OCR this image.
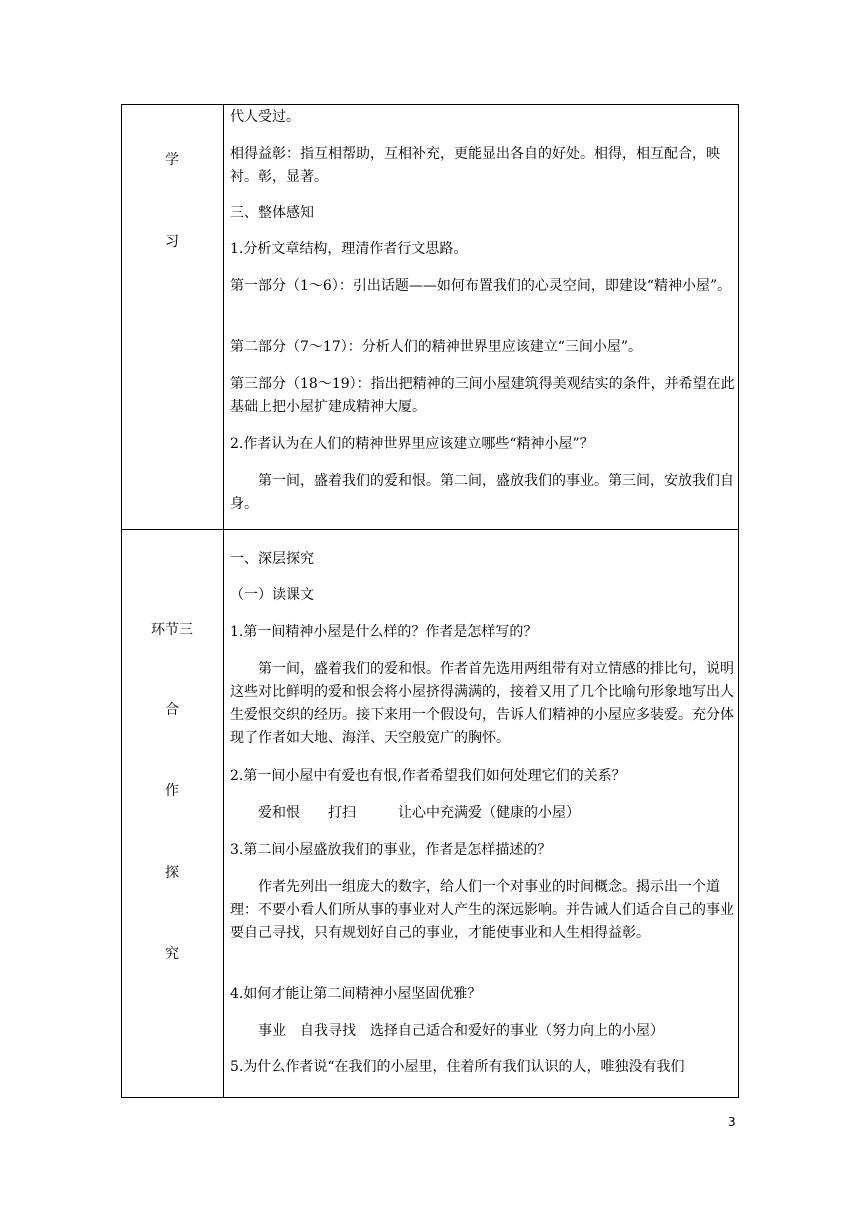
学
习
代人受过。
相得益彰：指互相帮助，互相补充，更能显出各自的好处。相得，相互配合，映衬。彰，显著。
三、整体感知
1.分析文章结构，理清作者行文思路。
第一部分（1～6）：引出话题——如何布置我们的心灵空间，即建设“精神小屋”。
第二部分（7～17）：分析人们的精神世界里应该建立“三间小屋”。
第三部分（18～19）：指出把精神的三间小屋建筑得美观结实的条件，并希望在此基础上把小屋扩建成精神大厦。
2.作者认为在人们的精神世界里应该建立哪些“精神小屋”？
第一间，盛着我们的爱和恨。第二间，盛放我们的事业。第三间，安放我们自身。
环节三
合
作
探
究
一、深层探究
（一）读课文
1.第一间精神小屋是什么样的？作者是怎样写的？
第一间，盛着我们的爱和恨。作者首先选用两组带有对立情感的排比句，说明这些对比鲜明的爱和恨会将小屋挤得满满的，接着又用了几个比喻句形象地写出人生爱恨交织的经历。接下来用一个假设句，告诉人们精神的小屋应多装爱。充分体现了作者如大地、海洋、天空般宽广的胸怀。
2.第一间小屋中有爱也有恨,作者希望我们如何处理它们的关系？
爱和恨　　打扫　　　让心中充满爱（健康的小屋）
3.第二间小屋盛放我们的事业，作者是怎样描述的？
作者先列出一组庞大的数字，给人们一个对事业的时间概念。揭示出一个道理：不要小看人们所从事的事业对人产生的深远影响。并告诫人们适合自己的事业要自己寻找，只有规划好自己的事业，才能使事业和人生相得益彰。
4.如何才能让第二间精神小屋坚固优雅？
事业　自我寻找　选择自己适合和爱好的事业（努力向上的小屋）
5.为什么作者说“在我们的小屋里，住着所有我们认识的人，唯独没有我们
3
